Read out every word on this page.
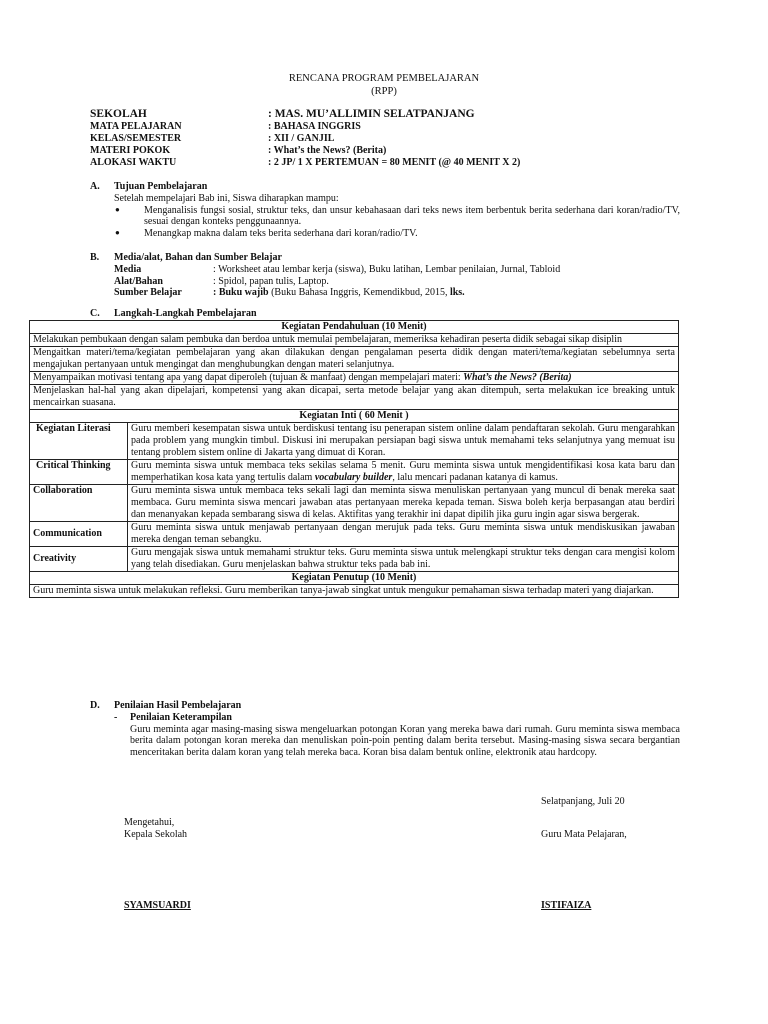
RENCANA PROGRAM PEMBELAJARAN
(RPP)
SEKOLAH	: MAS. MU’ALLIMIN SELATPANJANG
MATA PELAJARAN	: BAHASA INGGRIS
KELAS/SEMESTER	: XII / GANJIL
MATERI POKOK	: What’s the News? (Berita)
ALOKASI WAKTU	: 2 JP/ 1 X PERTEMUAN = 80 MENIT (@ 40 MENIT X 2)
A.	Tujuan Pembelajaran
Setelah mempelajari Bab ini, Siswa diharapkan mampu:
● Menganalisis fungsi sosial, struktur teks, dan unsur kebahasaan dari teks news item berbentuk berita sederhana dari koran/radio/TV, sesuai dengan konteks penggunaannya.
● Menangkap makna dalam teks berita sederhana dari koran/radio/TV.
B.	Media/alat, Bahan dan Sumber Belajar
Media	: Worksheet atau lembar kerja (siswa), Buku latihan, Lembar penilaian, Jurnal, Tabloid
Alat/Bahan	: Spidol, papan tulis, Laptop.
Sumber Belajar	: Buku wajib (Buku Bahasa Inggris, Kemendikbud, 2015, lks.
C.	Langkah-Langkah Pembelajaran
Kegiatan Pendahuluan (10 Menit)	
Melakukan pembukaan dengan salam pembuka dan berdoa untuk memulai pembelajaran, memeriksa kehadiran peserta didik sebagai sikap disiplin	
Mengaitkan materi/tema/kegiatan pembelajaran yang akan dilakukan dengan pengalaman peserta didik dengan materi/tema/kegiatan sebelumnya serta mengajukan pertanyaan untuk mengingat dan menghubungkan dengan materi selanjutnya.	
Menyampaikan motivasi tentang apa yang dapat diperoleh (tujuan & manfaat) dengan mempelajari materi: What’s the News? (Berita)	
Menjelaskan hal-hal yang akan dipelajari, kompetensi yang akan dicapai, serta metode belajar yang akan ditempuh, serta melakukan ice breaking untuk mencairkan suasana.	
Kegiatan Inti ( 60 Menit )	
Kegiatan Literasi	Guru memberi kesempatan siswa untuk berdiskusi tentang isu penerapan sistem online dalam pendaftaran sekolah. Guru mengarahkan pada problem yang mungkin timbul. Diskusi ini merupakan persiapan bagi siswa untuk memahami teks selanjutnya yang memuat isu tentang problem sistem online di Jakarta yang dimuat di Koran.
Critical Thinking	Guru meminta siswa untuk membaca teks sekilas selama 5 menit. Guru meminta siswa untuk mengidentifikasi kosa kata baru dan memperhatikan kosa kata yang tertulis dalam vocabulary builder, lalu mencari padanan katanya di kamus.
Collaboration	Guru meminta siswa untuk membaca teks sekali lagi dan meminta siswa menuliskan pertanyaan yang muncul di benak mereka saat membaca. Guru meminta siswa mencari jawaban atas pertanyaan mereka kepada teman. Siswa boleh kerja berpasangan atau berdiri dan menanyakan kepada sembarang siswa di kelas. Aktifitas yang terakhir ini dapat dipilih jika guru ingin agar siswa bergerak.
Communication	Guru meminta siswa untuk menjawab pertanyaan dengan merujuk pada teks. Guru meminta siswa untuk mendiskusikan jawaban mereka dengan teman sebangku.
Creativity	Guru mengajak siswa untuk memahami struktur teks. Guru meminta siswa untuk melengkapi struktur teks dengan cara mengisi kolom yang telah disediakan. Guru menjelaskan bahwa struktur teks pada bab ini.
Kegiatan Penutup (10 Menit)	
Guru meminta siswa untuk melakukan refleksi. Guru memberikan tanya-jawab singkat untuk mengukur pemahaman siswa terhadap materi yang diajarkan.	
D.	Penilaian Hasil Pembelajaran
-	Penilaian Keterampilan

Guru meminta agar masing-masing siswa mengeluarkan potongan Koran yang mereka bawa dari rumah. Guru meminta siswa membaca berita dalam potongan koran mereka dan menuliskan poin-poin penting dalam berita tersebut. Masing-masing siswa secara bergantian menceritakan berita dalam koran yang telah mereka baca. Koran bisa dalam bentuk online, elektronik atau hardcopy.

Selatpanjang, Juli 20
Mengetahui,
Kepala Sekolah	Guru Mata Pelajaran,
SYAMSUARDI	ISTIFAIZA
